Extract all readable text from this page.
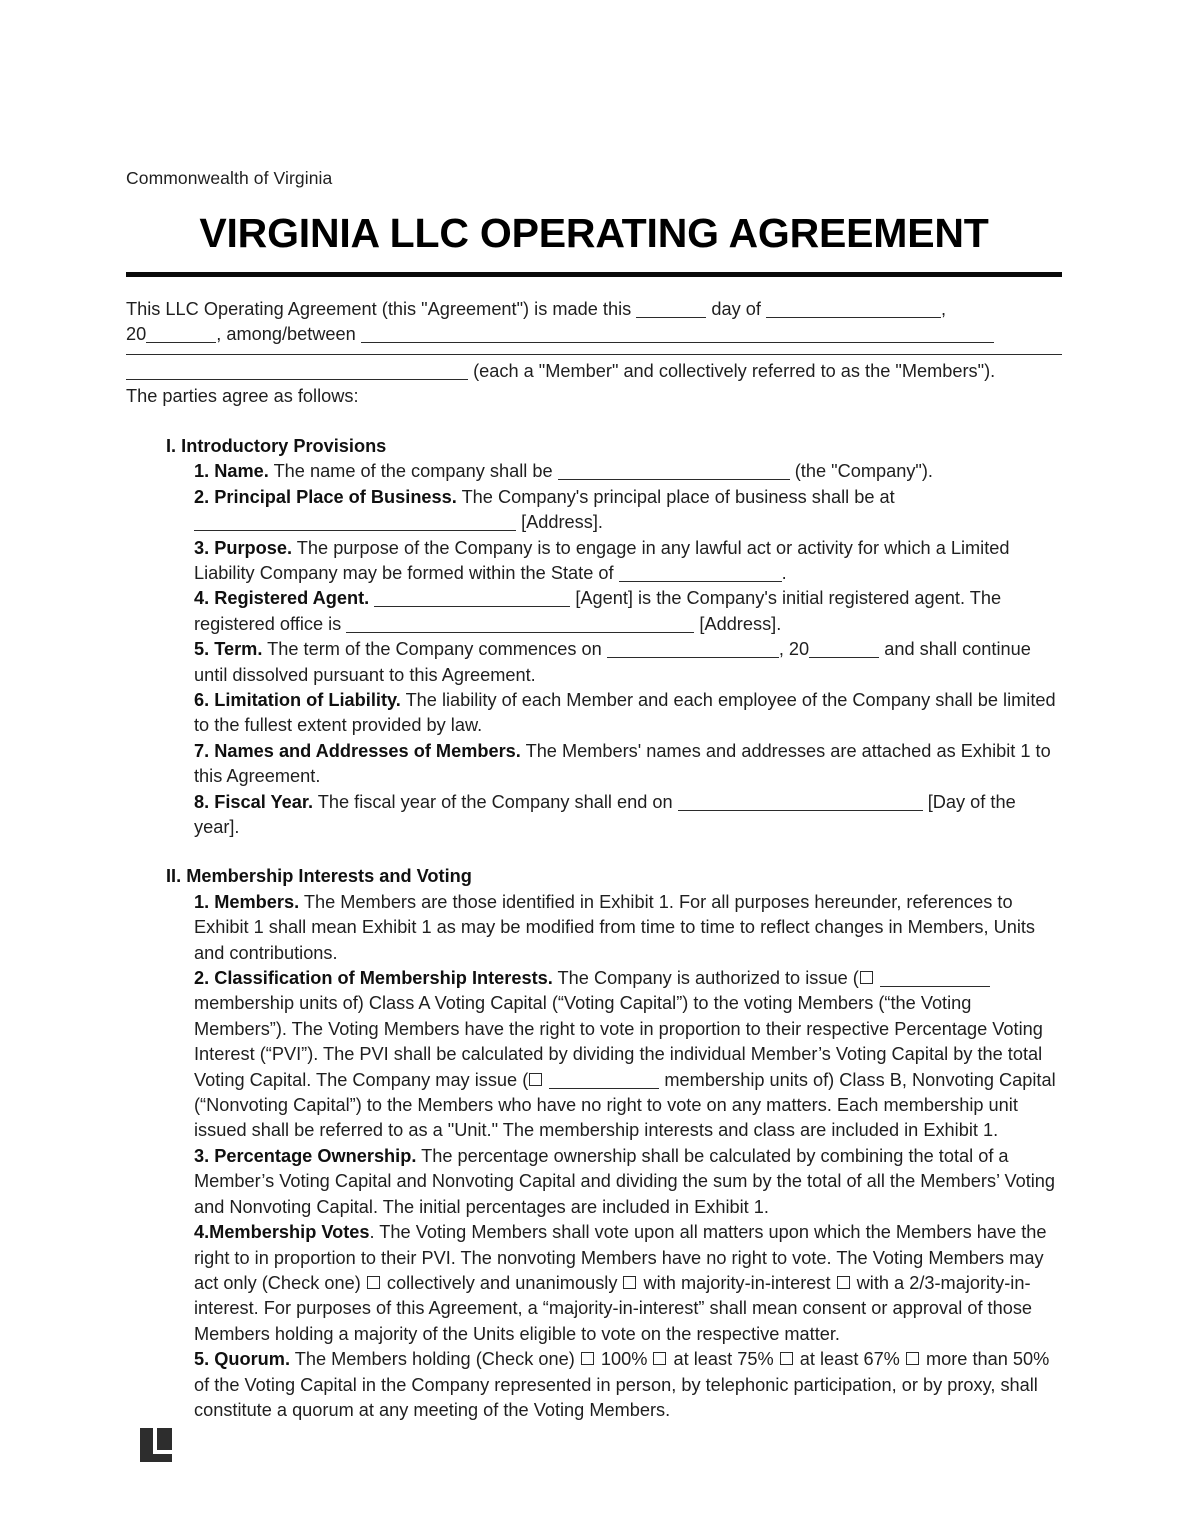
Commonwealth of Virginia
VIRGINIA LLC OPERATING AGREEMENT

This LLC Operating Agreement (this "Agreement") is made this	day of	,

20	, among/between

(each a "Member" and collectively referred to as the "Members").

The parties agree as follows:

I. Introductory Provisions

1. Name. The name of the company shall be	(the "Company").

2. Principal Place of Business. The Company's principal place of business shall be at
[Address].

3. Purpose. The purpose of the Company is to engage in any lawful act or activity for which a Limited Liability Company may be formed within the State of	.

4. Registered Agent.	[Agent] is the Company's initial registered agent. The registered office is	[Address].

5. Term. The term of the Company commences on	, 20	and shall continue until dissolved pursuant to this Agreement.

6. Limitation of Liability. The liability of each Member and each employee of the Company shall be limited to the fullest extent provided by law.

7. Names and Addresses of Members. The Members' names and addresses are attached as Exhibit 1 to this Agreement.

8. Fiscal Year. The fiscal year of the Company shall end on	[Day of the year].

II. Membership Interests and Voting

1. Members. The Members are those identified in Exhibit 1. For all purposes hereunder, references to Exhibit 1 shall mean Exhibit 1 as may be modified from time to time to reflect changes in Members, Units and contributions.

2. Classification of Membership Interests. The Company is authorized to issue (  membership units of) Class A Voting Capital (“Voting Capital”) to the voting Members (“the Voting Members”). The Voting Members have the right to vote in proportion to their respective Percentage Voting Interest (“PVI”). The PVI shall be calculated by dividing the individual Member’s Voting Capital by the total Voting Capital. The Company may issue (	membership units of) Class B, Nonvoting Capital (“Nonvoting Capital”) to the Members who have no right to vote on any matters. Each membership unit issued shall be referred to as a "Unit." The membership interests and class are included in Exhibit 1.

3. Percentage Ownership. The percentage ownership shall be calculated by combining the total of a Member’s Voting Capital and Nonvoting Capital and dividing the sum by the total of all the Members’ Voting and Nonvoting Capital. The initial percentages are included in Exhibit 1.

4.Membership Votes. The Voting Members shall vote upon all matters upon which the Members have the right to in proportion to their PVI. The nonvoting Members have no right to vote. The Voting Members may act only (Check one) collectively and unanimously with majority-in-interest with a 2/3-majority-in-interest. For purposes of this Agreement, a “majority-in-interest” shall mean consent or approval of those Members holding a majority of the Units eligible to vote on the respective matter.

5. Quorum. The Members holding (Check one) 100% at least 75% at least 67% more than 50% of the Voting Capital in the Company represented in person, by telephonic participation, or by proxy, shall constitute a quorum at any meeting of the Voting Members.
